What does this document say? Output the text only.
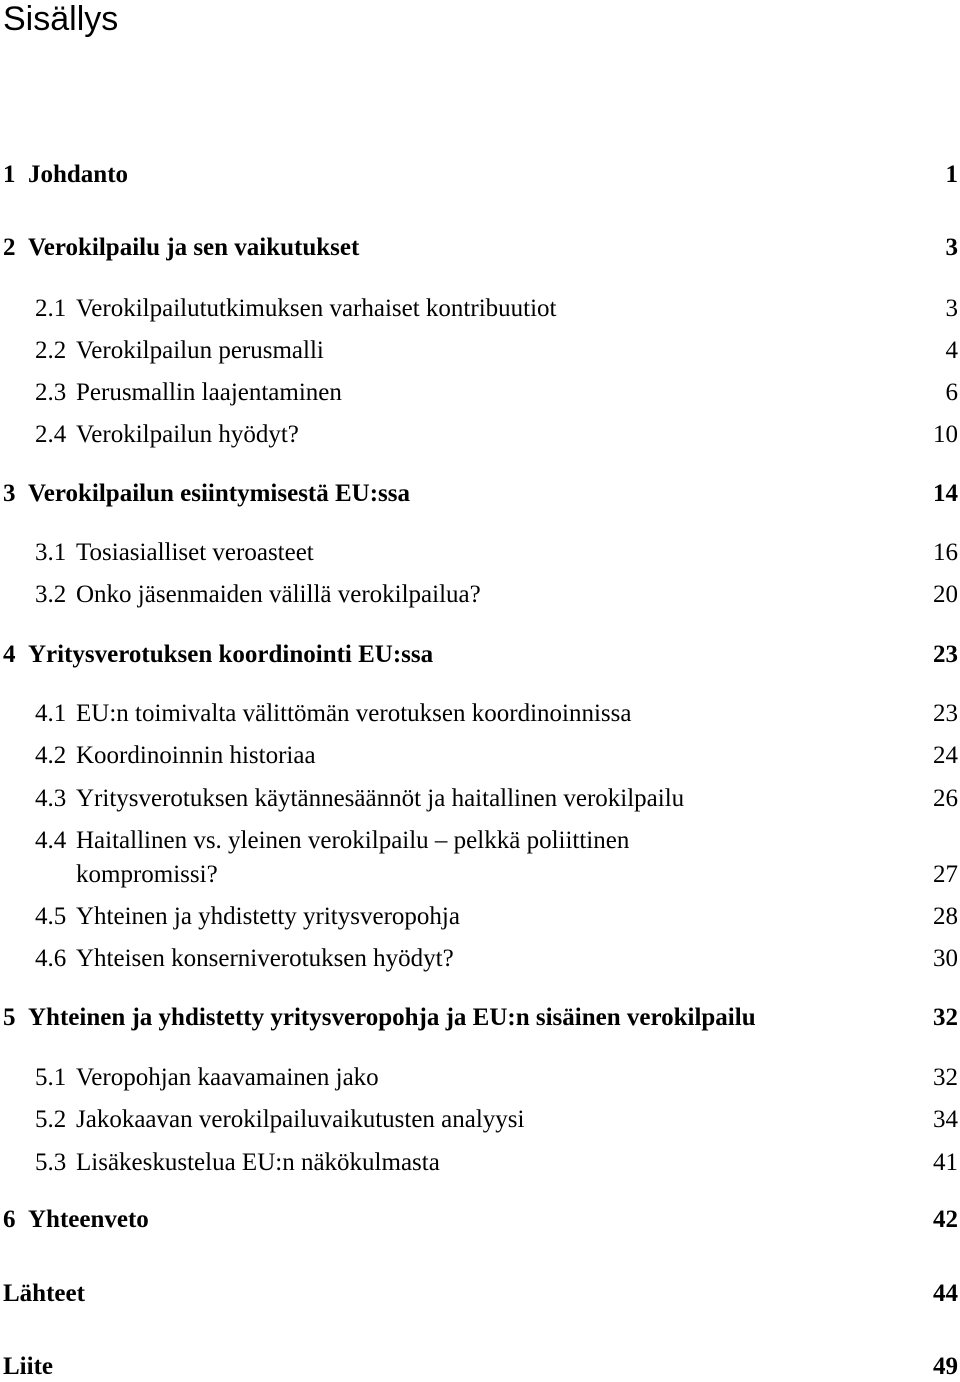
Sisällys
1 Johdanto	1
2 Verokilpailu ja sen vaikutukset	3
2.1 Verokilpailututkimuksen varhaiset kontribuutiot	3
2.2 Verokilpailun perusmalli	4
2.3 Perusmallin laajentaminen	6
2.4 Verokilpailun hyödyt?	10
3 Verokilpailun esiintymisestä EU:ssa	14
3.1 Tosiasialliset veroasteet	16
3.2 Onko jäsenmaiden välillä verokilpailua?	20
4 Yritysverotuksen koordinointi EU:ssa	23
4.1 EU:n toimivalta välittömän verotuksen koordinoinnissa	23
4.2 Koordinoinnin historiaa	24
4.3 Yritysverotuksen käytännesäännöt ja haitallinen verokilpailu	26
4.4 Haitallinen vs. yleinen verokilpailu – pelkkä poliittinen
kompromissi?	27
4.5 Yhteinen ja yhdistetty yritysveropohja	28
4.6 Yhteisen konserniverotuksen hyödyt?	30
5 Yhteinen ja yhdistetty yritysveropohja ja EU:n sisäinen verokilpailu	32
5.1 Veropohjan kaavamainen jako	32
5.2 Jakokaavan verokilpailuvaikutusten analyysi	34
5.3 Lisäkeskustelua EU:n näkökulmasta	41
6 Yhteenveto	42
Lähteet	44
Liite	49
